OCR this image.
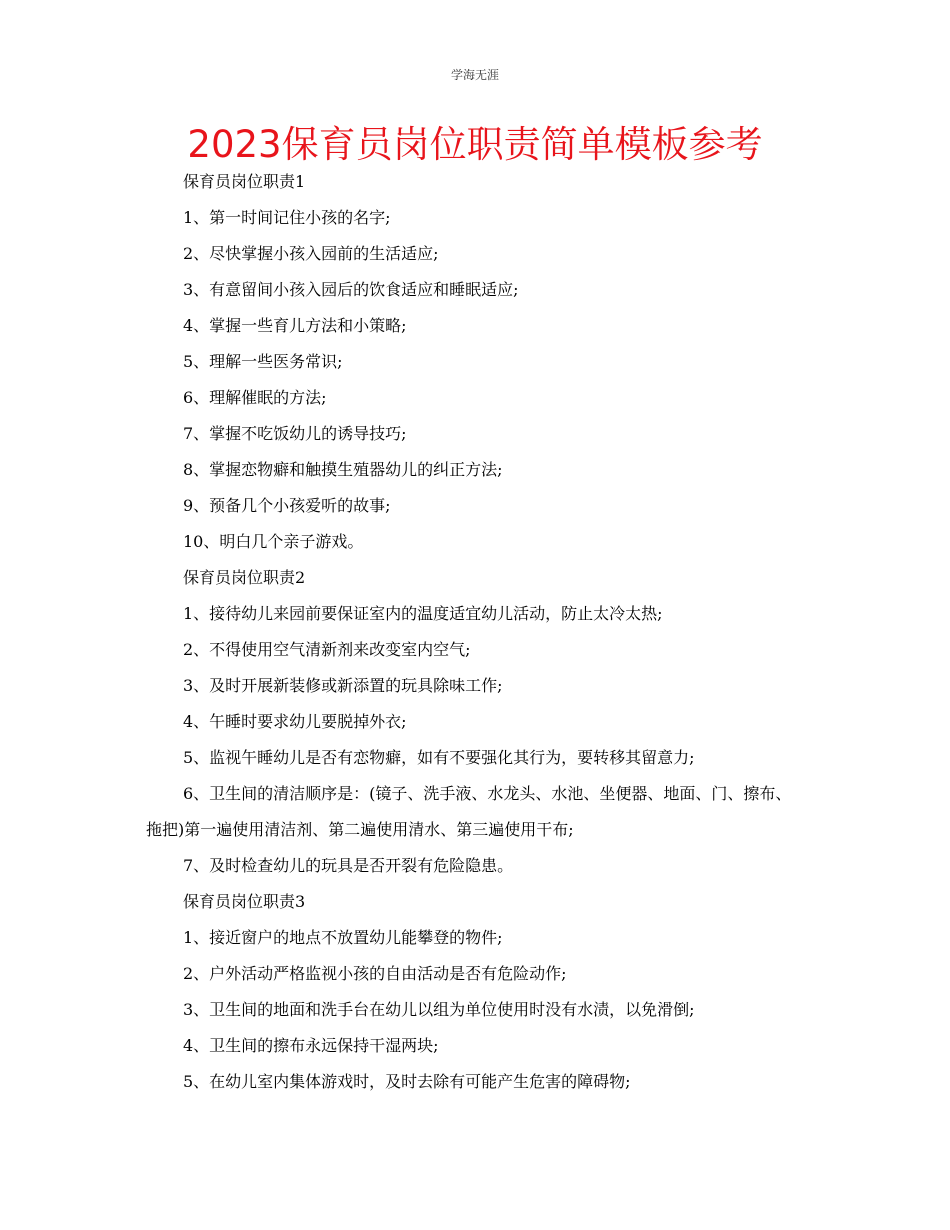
学海无涯
2023保育员岗位职责简单模板参考
保育员岗位职责1
1、第一时间记住小孩的名字;
2、尽快掌握小孩入园前的生活适应;
3、有意留间小孩入园后的饮食适应和睡眠适应;
4、掌握一些育儿方法和小策略;
5、理解一些医务常识;
6、理解催眠的方法;
7、掌握不吃饭幼儿的诱导技巧;
8、掌握恋物癖和触摸生殖器幼儿的纠正方法;
9、预备几个小孩爱听的故事;
10、明白几个亲子游戏。
保育员岗位职责2
1、接待幼儿来园前要保证室内的温度适宜幼儿活动，防止太冷太热;
2、不得使用空气清新剂来改变室内空气;
3、及时开展新装修或新添置的玩具除味工作;
4、午睡时要求幼儿要脱掉外衣;
5、监视午睡幼儿是否有恋物癖，如有不要强化其行为，要转移其留意力;
6、卫生间的清洁顺序是：(镜子、洗手液、水龙头、水池、坐便器、地面、门、擦布、拖把)第一遍使用清洁剂、第二遍使用清水、第三遍使用干布;
7、及时检查幼儿的玩具是否开裂有危险隐患。
保育员岗位职责3
1、接近窗户的地点不放置幼儿能攀登的物件;
2、户外活动严格监视小孩的自由活动是否有危险动作;
3、卫生间的地面和洗手台在幼儿以组为单位使用时没有水渍，以免滑倒;
4、卫生间的擦布永远保持干湿两块;
5、在幼儿室内集体游戏时，及时去除有可能产生危害的障碍物;
